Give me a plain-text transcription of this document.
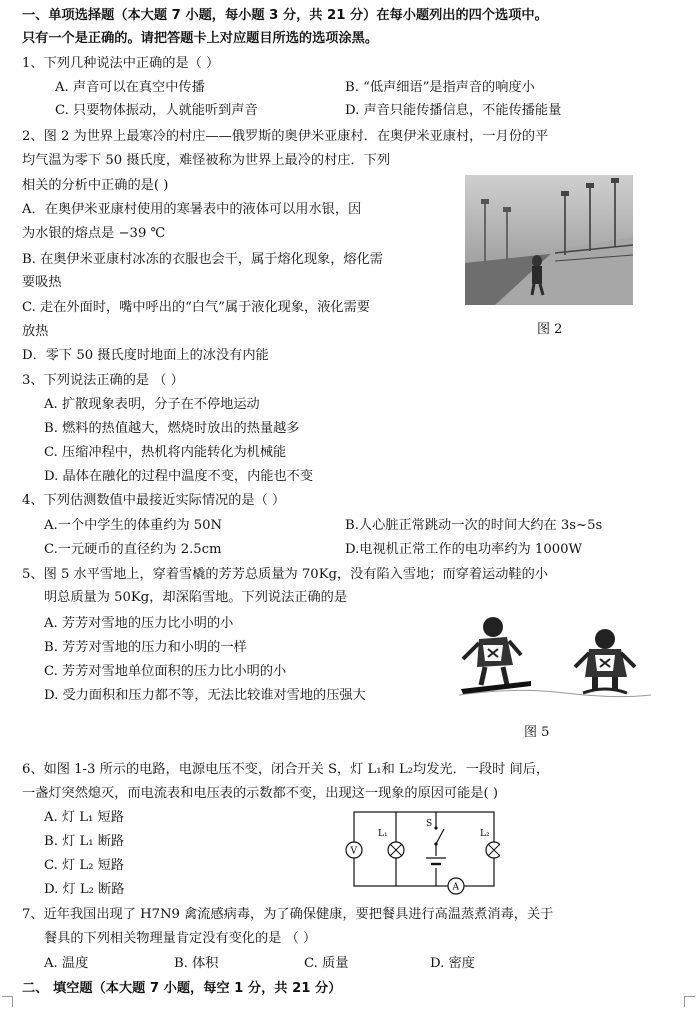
一、单项选择题（本大题 7 小题，每小题 3 分，共 21 分）在每小题列出的四个选项中。
只有一个是正确的。请把答题卡上对应题目所选的选项涂黑。
1、下列几种说法中正确的是（ ）
A. 声音可以在真空中传播	B. “低声细语”是指声音的响度小
C. 只要物体振动，人就能听到声音	D. 声音只能传播信息，不能传播能量
2、图 2 为世界上最寒冷的村庄——俄罗斯的奥伊米亚康村．在奥伊米亚康村，一月份的平
均气温为零下 50 摄氏度，难怪被称为世界上最冷的村庄．下列
相关的分析中正确的是( )
A．在奥伊米亚康村使用的寒暑表中的液体可以用水银，因
为水银的熔点是 −39 ℃
B. 在奥伊米亚康村冰冻的衣服也会干，属于熔化现象，熔化需
要吸热
C. 走在外面时，嘴中呼出的“白气”属于液化现象，液化需要
放热
D．零下 50 摄氏度时地面上的冰没有内能
图 2
3、下列说法正确的是 （ ）
A. 扩散现象表明，分子在不停地运动
B. 燃料的热值越大，燃烧时放出的热量越多
C. 压缩冲程中，热机将内能转化为机械能
D. 晶体在融化的过程中温度不变，内能也不变
4、下列估测数值中最接近实际情况的是（ ）
A.一个中学生的体重约为 50N	B.人心脏正常跳动一次的时间大约在 3s~5s
C.一元硬币的直径约为 2.5cm	D.电视机正常工作的电功率约为 1000W
5、图 5 水平雪地上，穿着雪橇的芳芳总质量为 70Kg，没有陷入雪地；而穿着运动鞋的小
明总质量为 50Kg，却深陷雪地。下列说法正确的是
A. 芳芳对雪地的压力比小明的小
B. 芳芳对雪地的压力和小明的一样
C. 芳芳对雪地单位面积的压力比小明的小
D. 受力面积和压力都不等，无法比较谁对雪地的压强大
图 5
6、如图 1-3 所示的电路，电源电压不变，闭合开关 S，灯 L₁和 L₂均发光．一段时 间后，
一盏灯突然熄灭，而电流表和电压表的示数都不变，出现这一现象的原因可能是( )
A. 灯 L₁ 短路
B. 灯 L₁ 断路
C. 灯 L₂ 短路
D. 灯 L₂ 断路
V
L₁
S
L₂
A
7、近年我国出现了 H7N9 禽流感病毒，为了确保健康，要把餐具进行高温蒸煮消毒，关于
餐具的下列相关物理量肯定没有变化的是 （ ）
A. 温度	B. 体积	C. 质量	D. 密度
二、 填空题（本大题 7 小题，每空 1 分，共 21 分）
